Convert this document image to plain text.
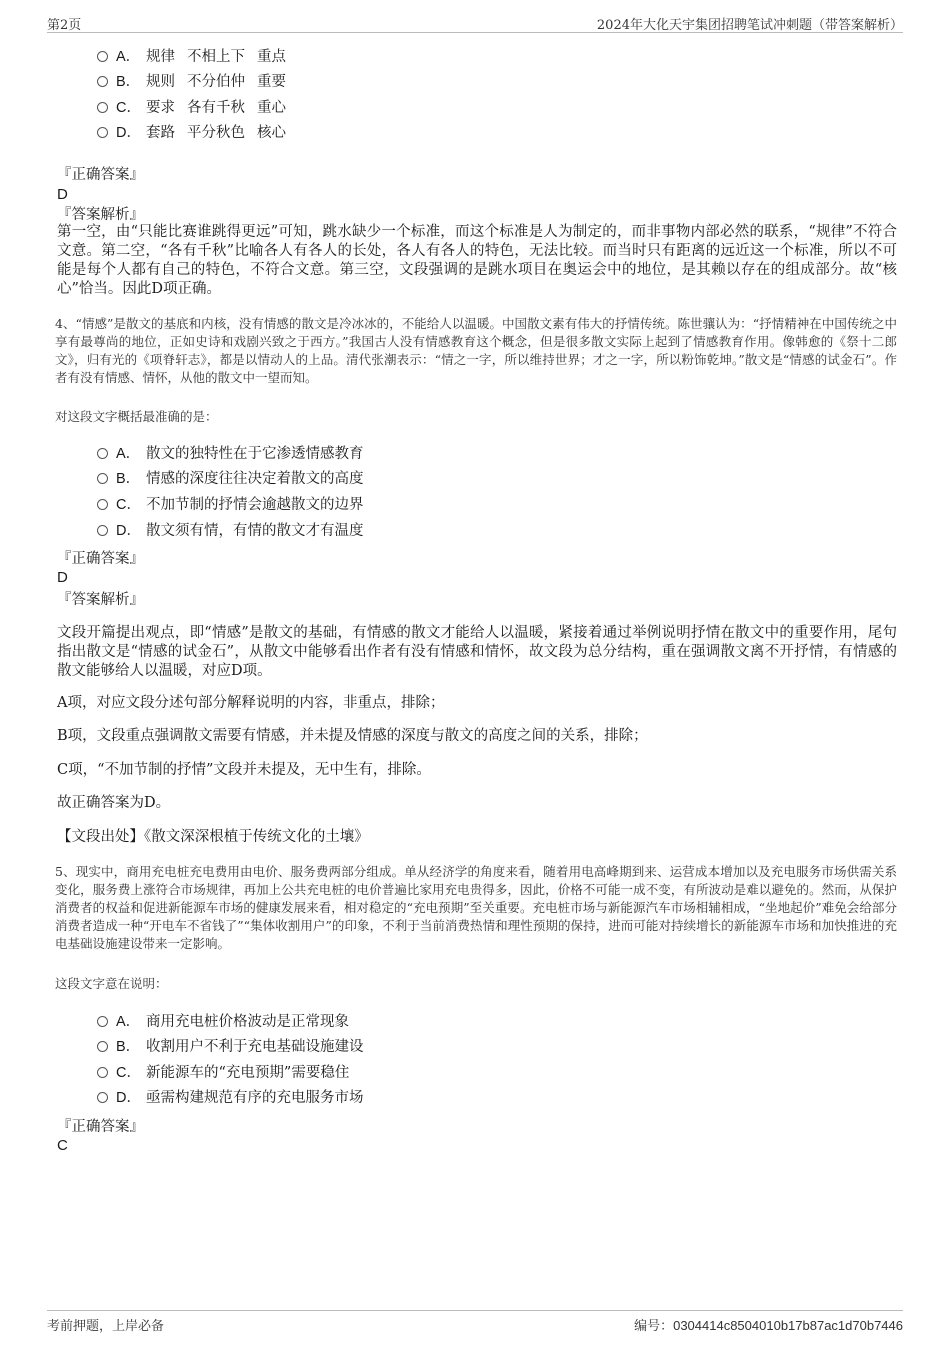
第2页	2024年大化天宇集团招聘笔试冲刺题（带答案解析）
A． 规律 不相上下 重点
B． 规则 不分伯仲 重要
C． 要求 各有千秋 重心
D． 套路 平分秋色 核心
『正确答案』
D
『答案解析』
第一空，由“只能比赛谁跳得更远”可知，跳水缺少一个标准，而这个标准是人为制定的，而非事物内部必然的联系，“规律”不符合文意。第二空，“各有千秋”比喻各人有各人的长处，各人有各人的特色，无法比较。而当时只有距离的远近这一个标准，所以不可能是每个人都有自己的特色，不符合文意。第三空，文段强调的是跳水项目在奥运会中的地位，是其赖以存在的组成部分。故“核心”恰当。因此D项正确。
4、“情感”是散文的基底和内核，没有情感的散文是冷冰冰的，不能给人以温暖。中国散文素有伟大的抒情传统。陈世骧认为：“抒情精神在中国传统之中享有最尊尚的地位，正如史诗和戏剧兴致之于西方。”我国古人没有情感教育这个概念，但是很多散文实际上起到了情感教育作用。像韩愈的《祭十二郎文》，归有光的《项脊轩志》，都是以情动人的上品。清代张潮表示：“情之一字，所以维持世界；才之一字，所以粉饰乾坤。”散文是“情感的试金石”。作者有没有情感、情怀，从他的散文中一望而知。
对这段文字概括最准确的是：
A． 散文的独特性在于它渗透情感教育
B． 情感的深度往往决定着散文的高度
C． 不加节制的抒情会逾越散文的边界
D． 散文须有情，有情的散文才有温度
『正确答案』
D
『答案解析』
文段开篇提出观点，即“情感”是散文的基础，有情感的散文才能给人以温暖，紧接着通过举例说明抒情在散文中的重要作用，尾句指出散文是“情感的试金石”，从散文中能够看出作者有没有情感和情怀，故文段为总分结构，重在强调散文离不开抒情，有情感的散文能够给人以温暖，对应D项。
A项，对应文段分述句部分解释说明的内容，非重点，排除；
B项，文段重点强调散文需要有情感，并未提及情感的深度与散文的高度之间的关系，排除；
C项，“不加节制的抒情”文段并未提及，无中生有，排除。
故正确答案为D。
【文段出处】《散文深深根植于传统文化的土壤》
5、现实中，商用充电桩充电费用由电价、服务费两部分组成。单从经济学的角度来看，随着用电高峰期到来、运营成本增加以及充电服务市场供需关系变化，服务费上涨符合市场规律，再加上公共充电桩的电价普遍比家用充电贵得多，因此，价格不可能一成不变，有所波动是难以避免的。然而，从保护消费者的权益和促进新能源车市场的健康发展来看，相对稳定的“充电预期”至关重要。充电桩市场与新能源汽车市场相辅相成，“坐地起价”难免会给部分消费者造成一种“开电车不省钱了”“集体收割用户”的印象，不利于当前消费热情和理性预期的保持，进而可能对持续增长的新能源车市场和加快推进的充电基础设施建设带来一定影响。
这段文字意在说明：
A． 商用充电桩价格波动是正常现象
B． 收割用户不利于充电基础设施建设
C． 新能源车的“充电预期”需要稳住
D． 亟需构建规范有序的充电服务市场
『正确答案』
C
考前押题，上岸必备	编号：0304414c8504010b17b87ac1d70b7446
